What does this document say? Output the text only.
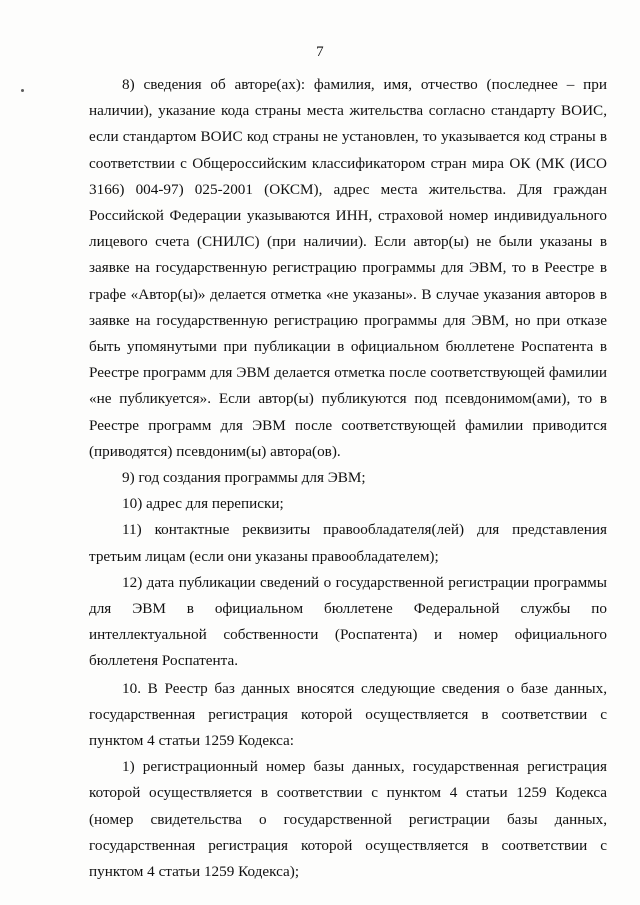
7

8) сведения об авторе(ах): фамилия, имя, отчество (последнее – при наличии), указание кода страны места жительства согласно стандарту ВОИС, если стандартом ВОИС код страны не установлен, то указывается код страны в соответствии с Общероссийским классификатором стран мира ОК (МК (ИСО 3166) 004-97) 025-2001 (ОКСМ), адрес места жительства. Для граждан Российской Федерации указываются ИНН, страховой номер индивидуального лицевого счета (СНИЛС) (при наличии). Если автор(ы) не были указаны в заявке на государственную регистрацию программы для ЭВМ, то в Реестре в графе «Автор(ы)» делается отметка «не указаны». В случае указания авторов в заявке на государственную регистрацию программы для ЭВМ, но при отказе быть упомянутыми при публикации в официальном бюллетене Роспатента в Реестре программ для ЭВМ делается отметка после соответствующей фамилии «не публикуется». Если автор(ы) публикуются под псевдонимом(ами), то в Реестре программ для ЭВМ после соответствующей фамилии приводится (приводятся) псевдоним(ы) автора(ов).

9) год создания программы для ЭВМ;

10) адрес для переписки;

11) контактные реквизиты правообладателя(лей) для представления третьим лицам (если они указаны правообладателем);

12) дата публикации сведений о государственной регистрации программы для ЭВМ в официальном бюллетене Федеральной службы по интеллектуальной собственности (Роспатента) и номер официального бюллетеня Роспатента.

10. В Реестр баз данных вносятся следующие сведения о базе данных, государственная регистрация которой осуществляется в соответствии с пунктом 4 статьи 1259 Кодекса:

1) регистрационный номер базы данных, государственная регистрация которой осуществляется в соответствии с пунктом 4 статьи 1259 Кодекса (номер свидетельства о государственной регистрации базы данных, государственная регистрация которой осуществляется в соответствии с пунктом 4 статьи 1259 Кодекса);
